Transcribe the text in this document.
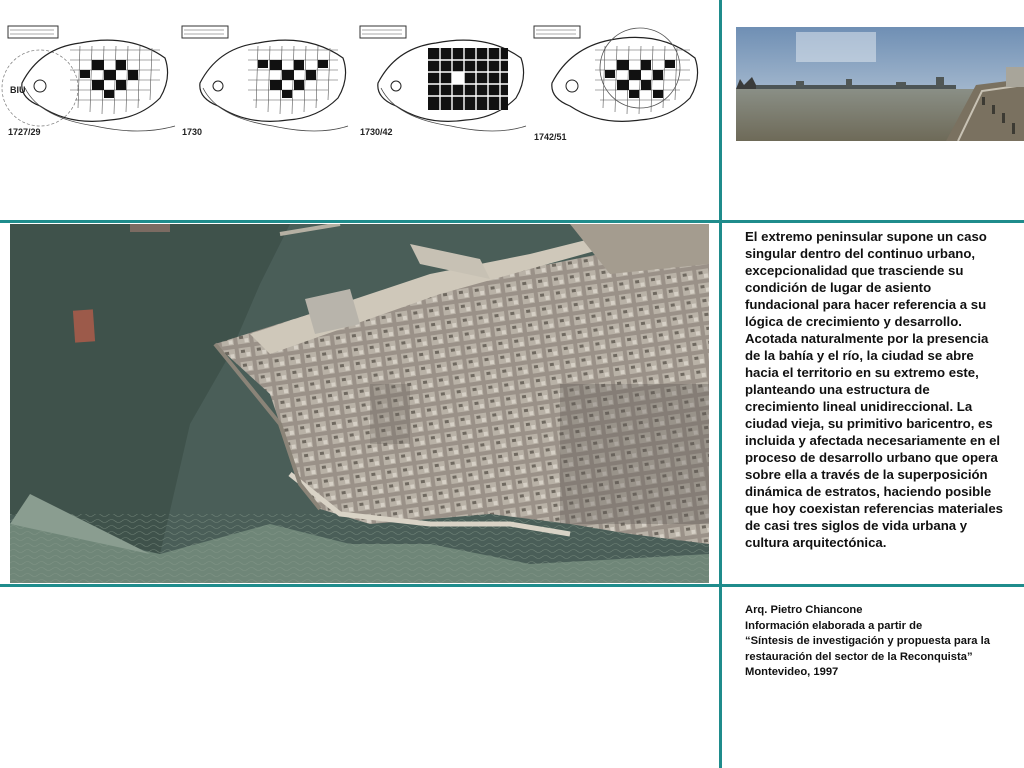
BIU
1727/29	1730	1730/42	1742/51

El extremo peninsular supone un caso singular dentro del continuo urbano, excepcionalidad que trasciende su condición de lugar de asiento fundacional para hacer referencia a su lógica de crecimiento y desarrollo. Acotada naturalmente por la presencia de la bahía y el río, la ciudad se abre hacia el territorio en su extremo este, planteando una estructura de crecimiento lineal unidireccional. La ciudad vieja, su primitivo baricentro, es incluida y afectada necesariamente en el proceso de desarrollo urbano que opera sobre ella a través de la superposición dinámica de estratos, haciendo posible que hoy coexistan referencias materiales de casi tres siglos de vida urbana y cultura arquitectónica.

Arq. Pietro Chiancone
Información elaborada a partir de
“Síntesis de investigación y propuesta para la restauración del sector de la Reconquista”
Montevideo, 1997
